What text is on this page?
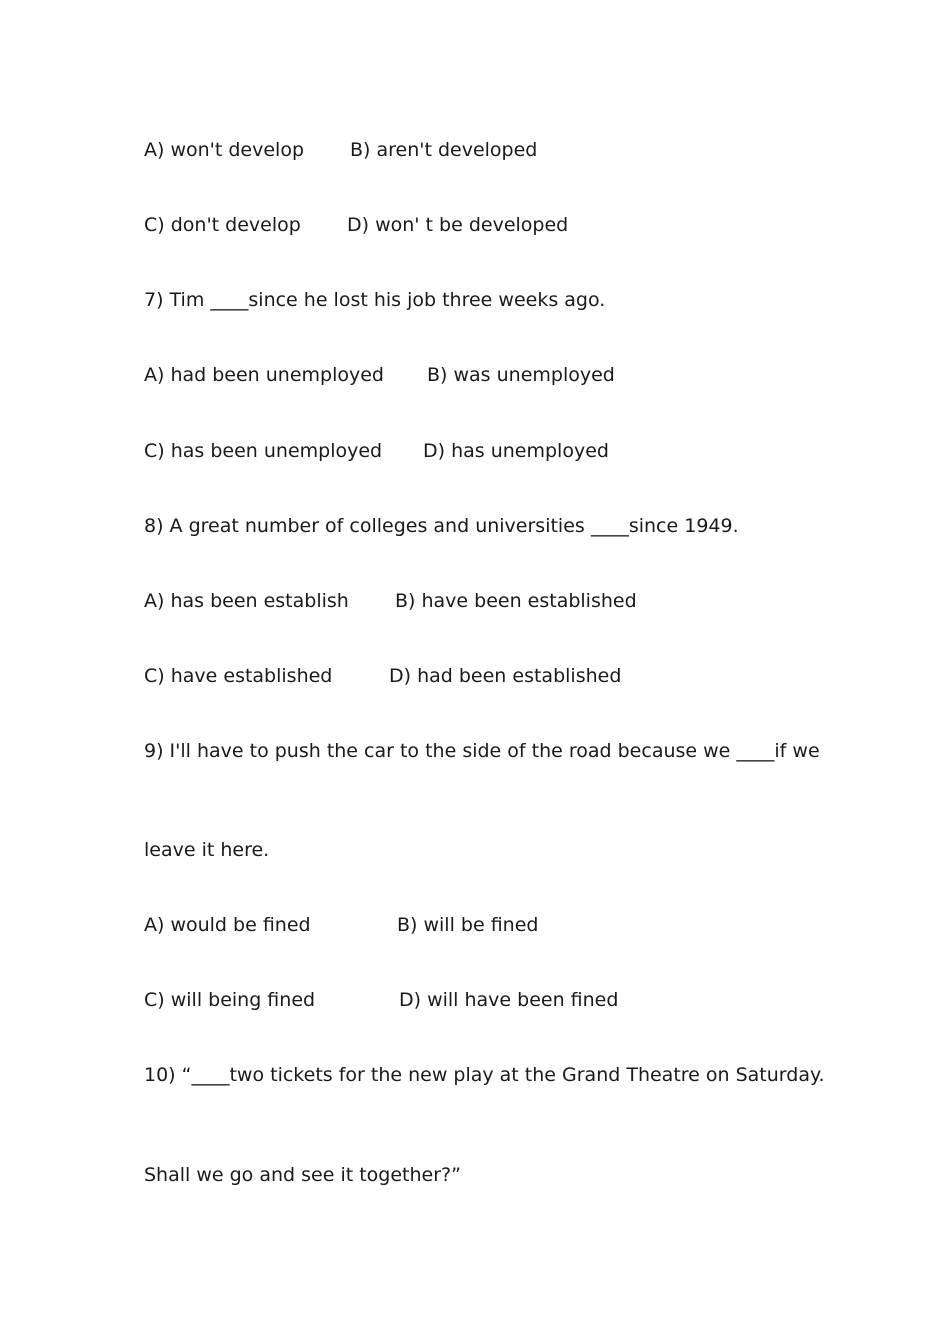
A) won't develop B) aren't developed
C) don't develop D) won' t be developed
7) Tim ____since he lost his job three weeks ago.
A) had been unemployed B) was unemployed
C) has been unemployed D) has unemployed
8) A great number of colleges and universities ____since 1949.
A) has been establish B) have been established
C) have established	D) had been established
9) I'll have to push the car to the side of the road because we ____if we
leave it here.
A) would be fined	B) will be fined
C) will being fined	D) will have been fined
10) “____two tickets for the new play at the Grand Theatre on Saturday.
Shall we go and see it together?”
